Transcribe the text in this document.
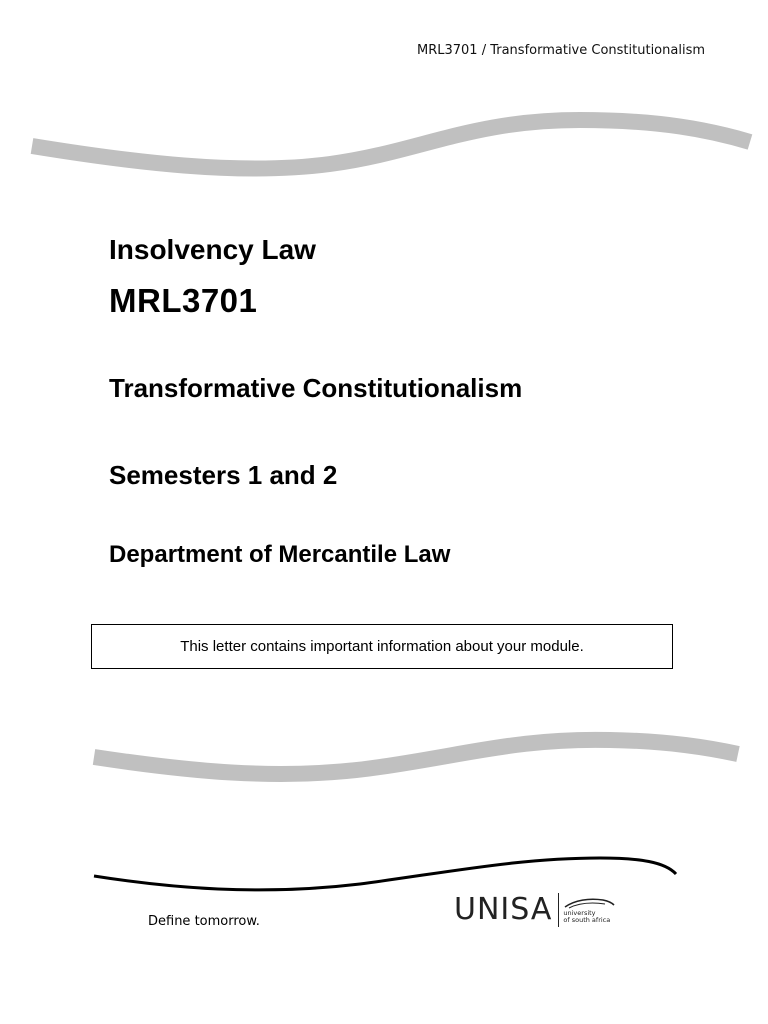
MRL3701 / Transformative Constitutionalism
Insolvency Law
MRL3701
Transformative Constitutionalism
Semesters 1 and 2
Department of Mercantile Law
This letter contains important information about your module.
Define tomorrow.	UNISA university
of south africa
